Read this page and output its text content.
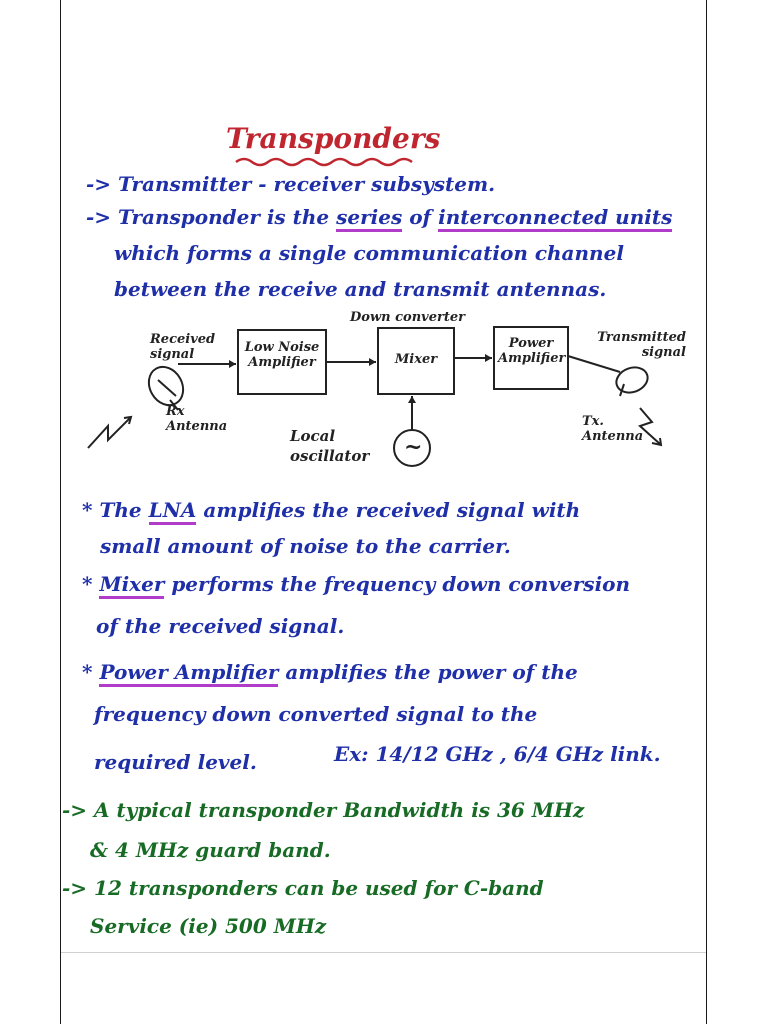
Transponders
-> Transmitter - receiver subsystem.
-> Transponder is the series of interconnected units
which forms a single communication channel
between the receive and transmit antennas.
Low Noise Amplifier	Mixer
Power Amplifier
Down converter
Received signal
Rx Antenna
Transmitted signal
Tx. Antenna
Local oscillator	~
* The LNA amplifies the received signal with
small amount of noise to the carrier.
* Mixer performs the frequency down conversion
of the received signal.
* Power Amplifier amplifies the power of the
frequency down converted signal to the
required level.	Ex: 14/12 GHz , 6/4 GHz link.
-> A typical transponder Bandwidth is 36 MHz
& 4 MHz guard band.
-> 12 transponders can be used for C-band
Service (ie) 500 MHz
